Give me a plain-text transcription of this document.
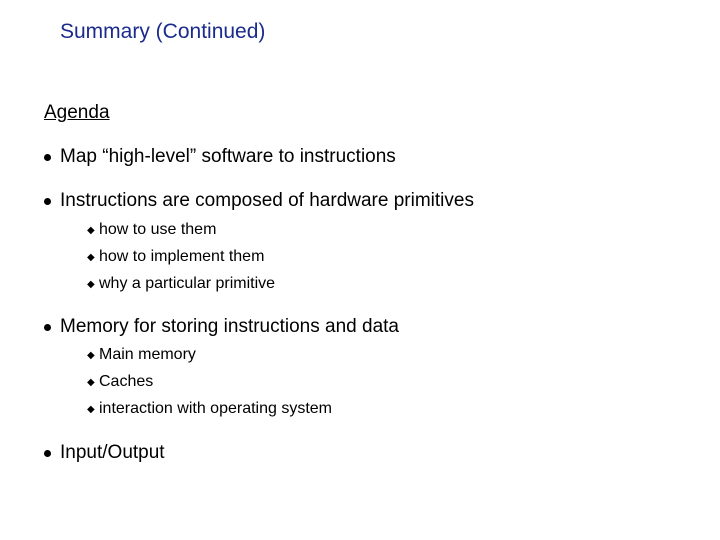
Summary (Continued)
Agenda
Map “high-level” software to instructions
Instructions are composed of hardware primitives
◆ how to use them
◆ how to implement them
◆ why a particular primitive
Memory for storing instructions and data
◆ Main memory
◆ Caches
◆ interaction with operating system
Input/Output
